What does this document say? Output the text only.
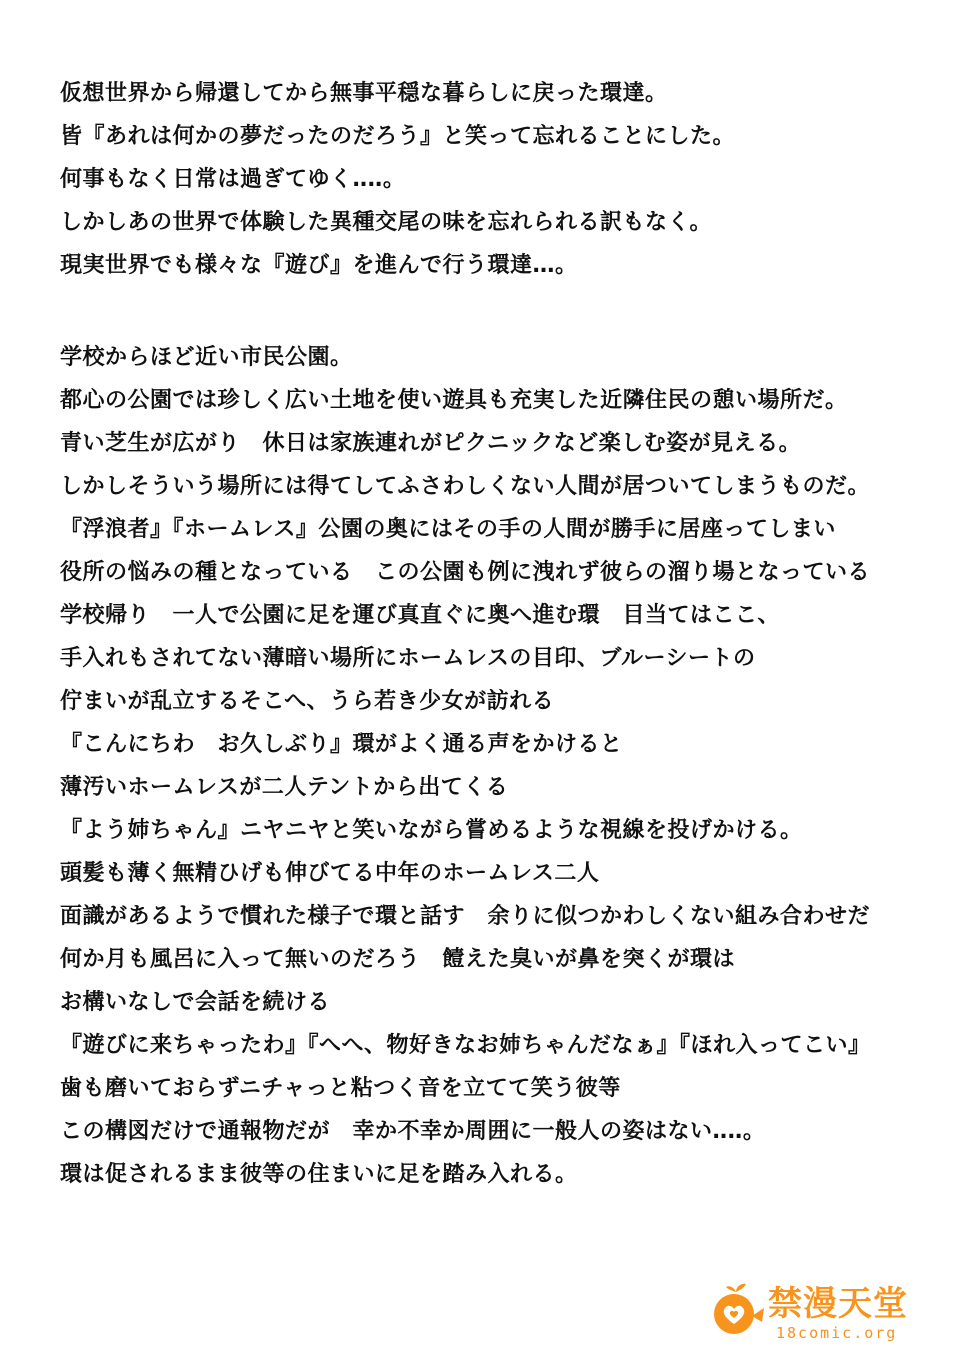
仮想世界から帰還してから無事平穏な暮らしに戻った環達。
皆『あれは何かの夢だったのだろう』と笑って忘れることにした。
何事もなく日常は過ぎてゆく‥‥。
しかしあの世界で体験した異種交尾の味を忘れられる訳もなく。
現実世界でも様々な『遊び』を進んで行う環達…。
学校からほど近い市民公園。
都心の公園では珍しく広い土地を使い遊具も充実した近隣住民の憩い場所だ。
青い芝生が広がり　休日は家族連れがピクニックなど楽しむ姿が見える。
しかしそういう場所には得てしてふさわしくない人間が居ついてしまうものだ。
『浮浪者』『ホームレス』公園の奥にはその手の人間が勝手に居座ってしまい
役所の悩みの種となっている　この公園も例に洩れず彼らの溜り場となっている
学校帰り　一人で公園に足を運び真直ぐに奥へ進む環　目当てはここ、
手入れもされてない薄暗い場所にホームレスの目印、ブルーシートの
佇まいが乱立するそこへ、うら若き少女が訪れる
『こんにちわ　お久しぶり』環がよく通る声をかけると
薄汚いホームレスが二人テントから出てくる
『よう姉ちゃん』ニヤニヤと笑いながら嘗めるような視線を投げかける。
頭髪も薄く無精ひげも伸びてる中年のホームレス二人
面識があるようで慣れた様子で環と話す　余りに似つかわしくない組み合わせだ
何か月も風呂に入って無いのだろう　饐えた臭いが鼻を突くが環は
お構いなしで会話を続ける
『遊びに来ちゃったわ』『へへ、物好きなお姉ちゃんだなぁ』『ほれ入ってこい』
歯も磨いておらずニチャっと粘つく音を立てて笑う彼等
この構図だけで通報物だが　幸か不幸か周囲に一般人の姿はない‥‥。
環は促されるまま彼等の住まいに足を踏み入れる。
禁漫天堂
18comic.org
